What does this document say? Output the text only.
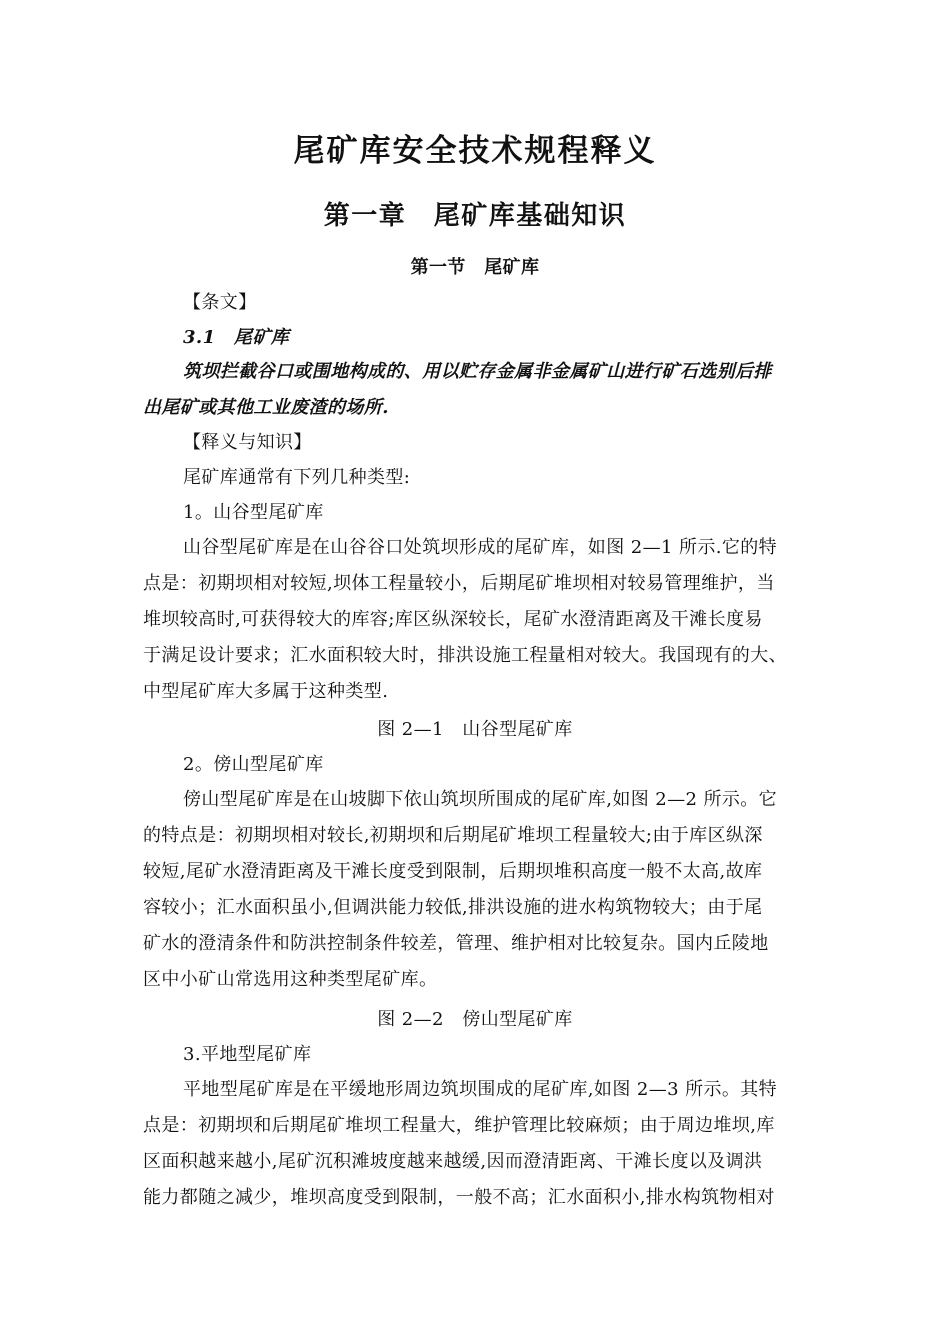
尾矿库安全技术规程释义
第一章　尾矿库基础知识
第一节　尾矿库
【条文】
3.1　尾矿库
筑坝拦截谷口或围地构成的、用以贮存金属非金属矿山进行矿石选别后排
出尾矿或其他工业废渣的场所.
【释义与知识】
尾矿库通常有下列几种类型:
1。山谷型尾矿库
山谷型尾矿库是在山谷谷口处筑坝形成的尾矿库，如图 2—1 所示.它的特
点是：初期坝相对较短,坝体工程量较小，后期尾矿堆坝相对较易管理维护，当
堆坝较高时,可获得较大的库容;库区纵深较长，尾矿水澄清距离及干滩长度易
于满足设计要求；汇水面积较大时，排洪设施工程量相对较大。我国现有的大、
中型尾矿库大多属于这种类型.
图 2—1　山谷型尾矿库
2。傍山型尾矿库
傍山型尾矿库是在山坡脚下依山筑坝所围成的尾矿库,如图 2—2 所示。它
的特点是：初期坝相对较长,初期坝和后期尾矿堆坝工程量较大;由于库区纵深
较短,尾矿水澄清距离及干滩长度受到限制，后期坝堆积高度一般不太高,故库
容较小；汇水面积虽小,但调洪能力较低,排洪设施的进水构筑物较大；由于尾
矿水的澄清条件和防洪控制条件较差，管理、维护相对比较复杂。国内丘陵地
区中小矿山常选用这种类型尾矿库。
图 2—2　傍山型尾矿库
3.平地型尾矿库
平地型尾矿库是在平缓地形周边筑坝围成的尾矿库,如图 2—3 所示。其特
点是：初期坝和后期尾矿堆坝工程量大，维护管理比较麻烦；由于周边堆坝,库
区面积越来越小,尾矿沉积滩坡度越来越缓,因而澄清距离、干滩长度以及调洪
能力都随之减少，堆坝高度受到限制，一般不高；汇水面积小,排水构筑物相对
